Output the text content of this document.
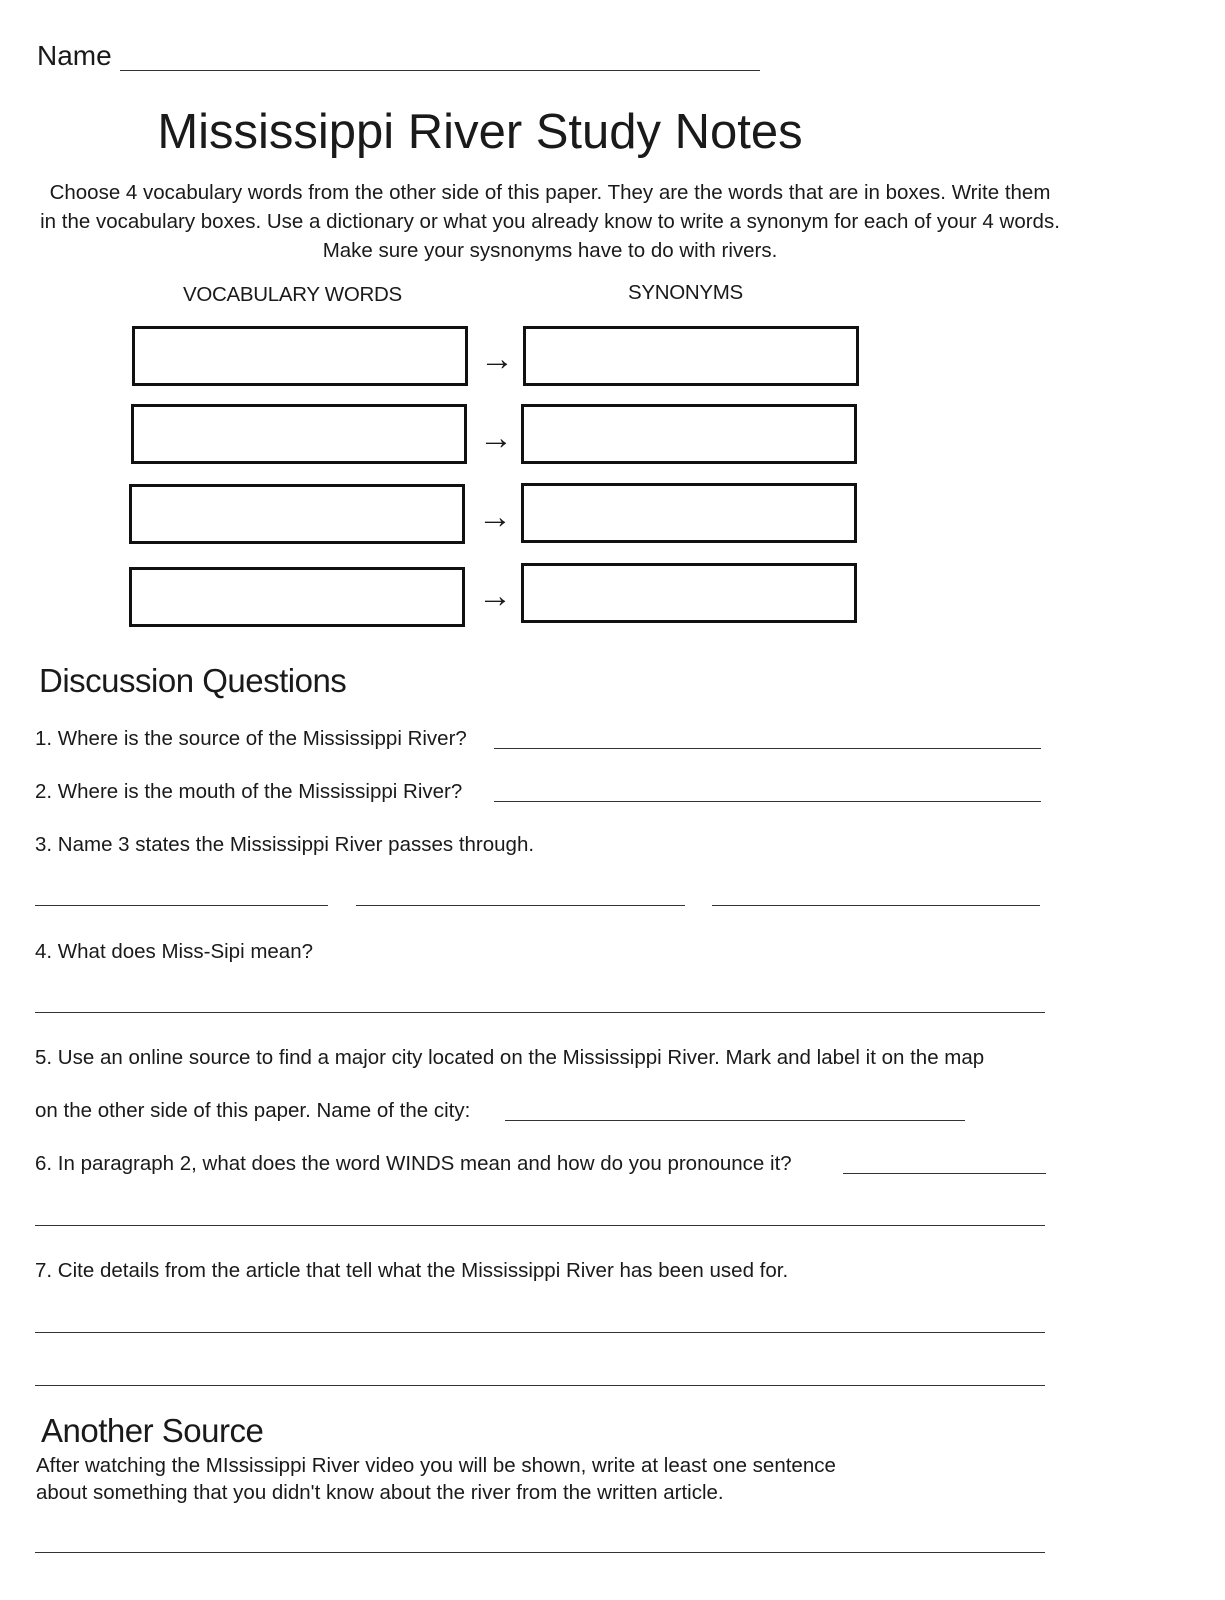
Name
Mississippi River Study Notes
Choose 4 vocabulary words from the other side of this paper. They are the words that are in boxes. Write them in the vocabulary boxes. Use a dictionary or what you already know to write a synonym for each of your 4 words. Make sure your sysnonyms have to do with rivers.
VOCABULARY WORDS	SYNONYMS
→
→
→
→
Discussion Questions
1. Where is the source of the Mississippi River?
2. Where is the mouth of the Mississippi River?
3. Name 3 states the Mississippi River passes through.
4. What does Miss-Sipi mean?
5. Use an online source to find a major city located on the Mississippi River. Mark and label it on the map
on the other side of this paper. Name of the city:
6. In paragraph 2, what does the word WINDS mean and how do you pronounce it?
7. Cite details from the article that tell what the Mississippi River has been used for.
Another Source
After watching the MIssissippi River video you will be shown, write at least one sentence
about something that you didn't know about the river from the written article.
